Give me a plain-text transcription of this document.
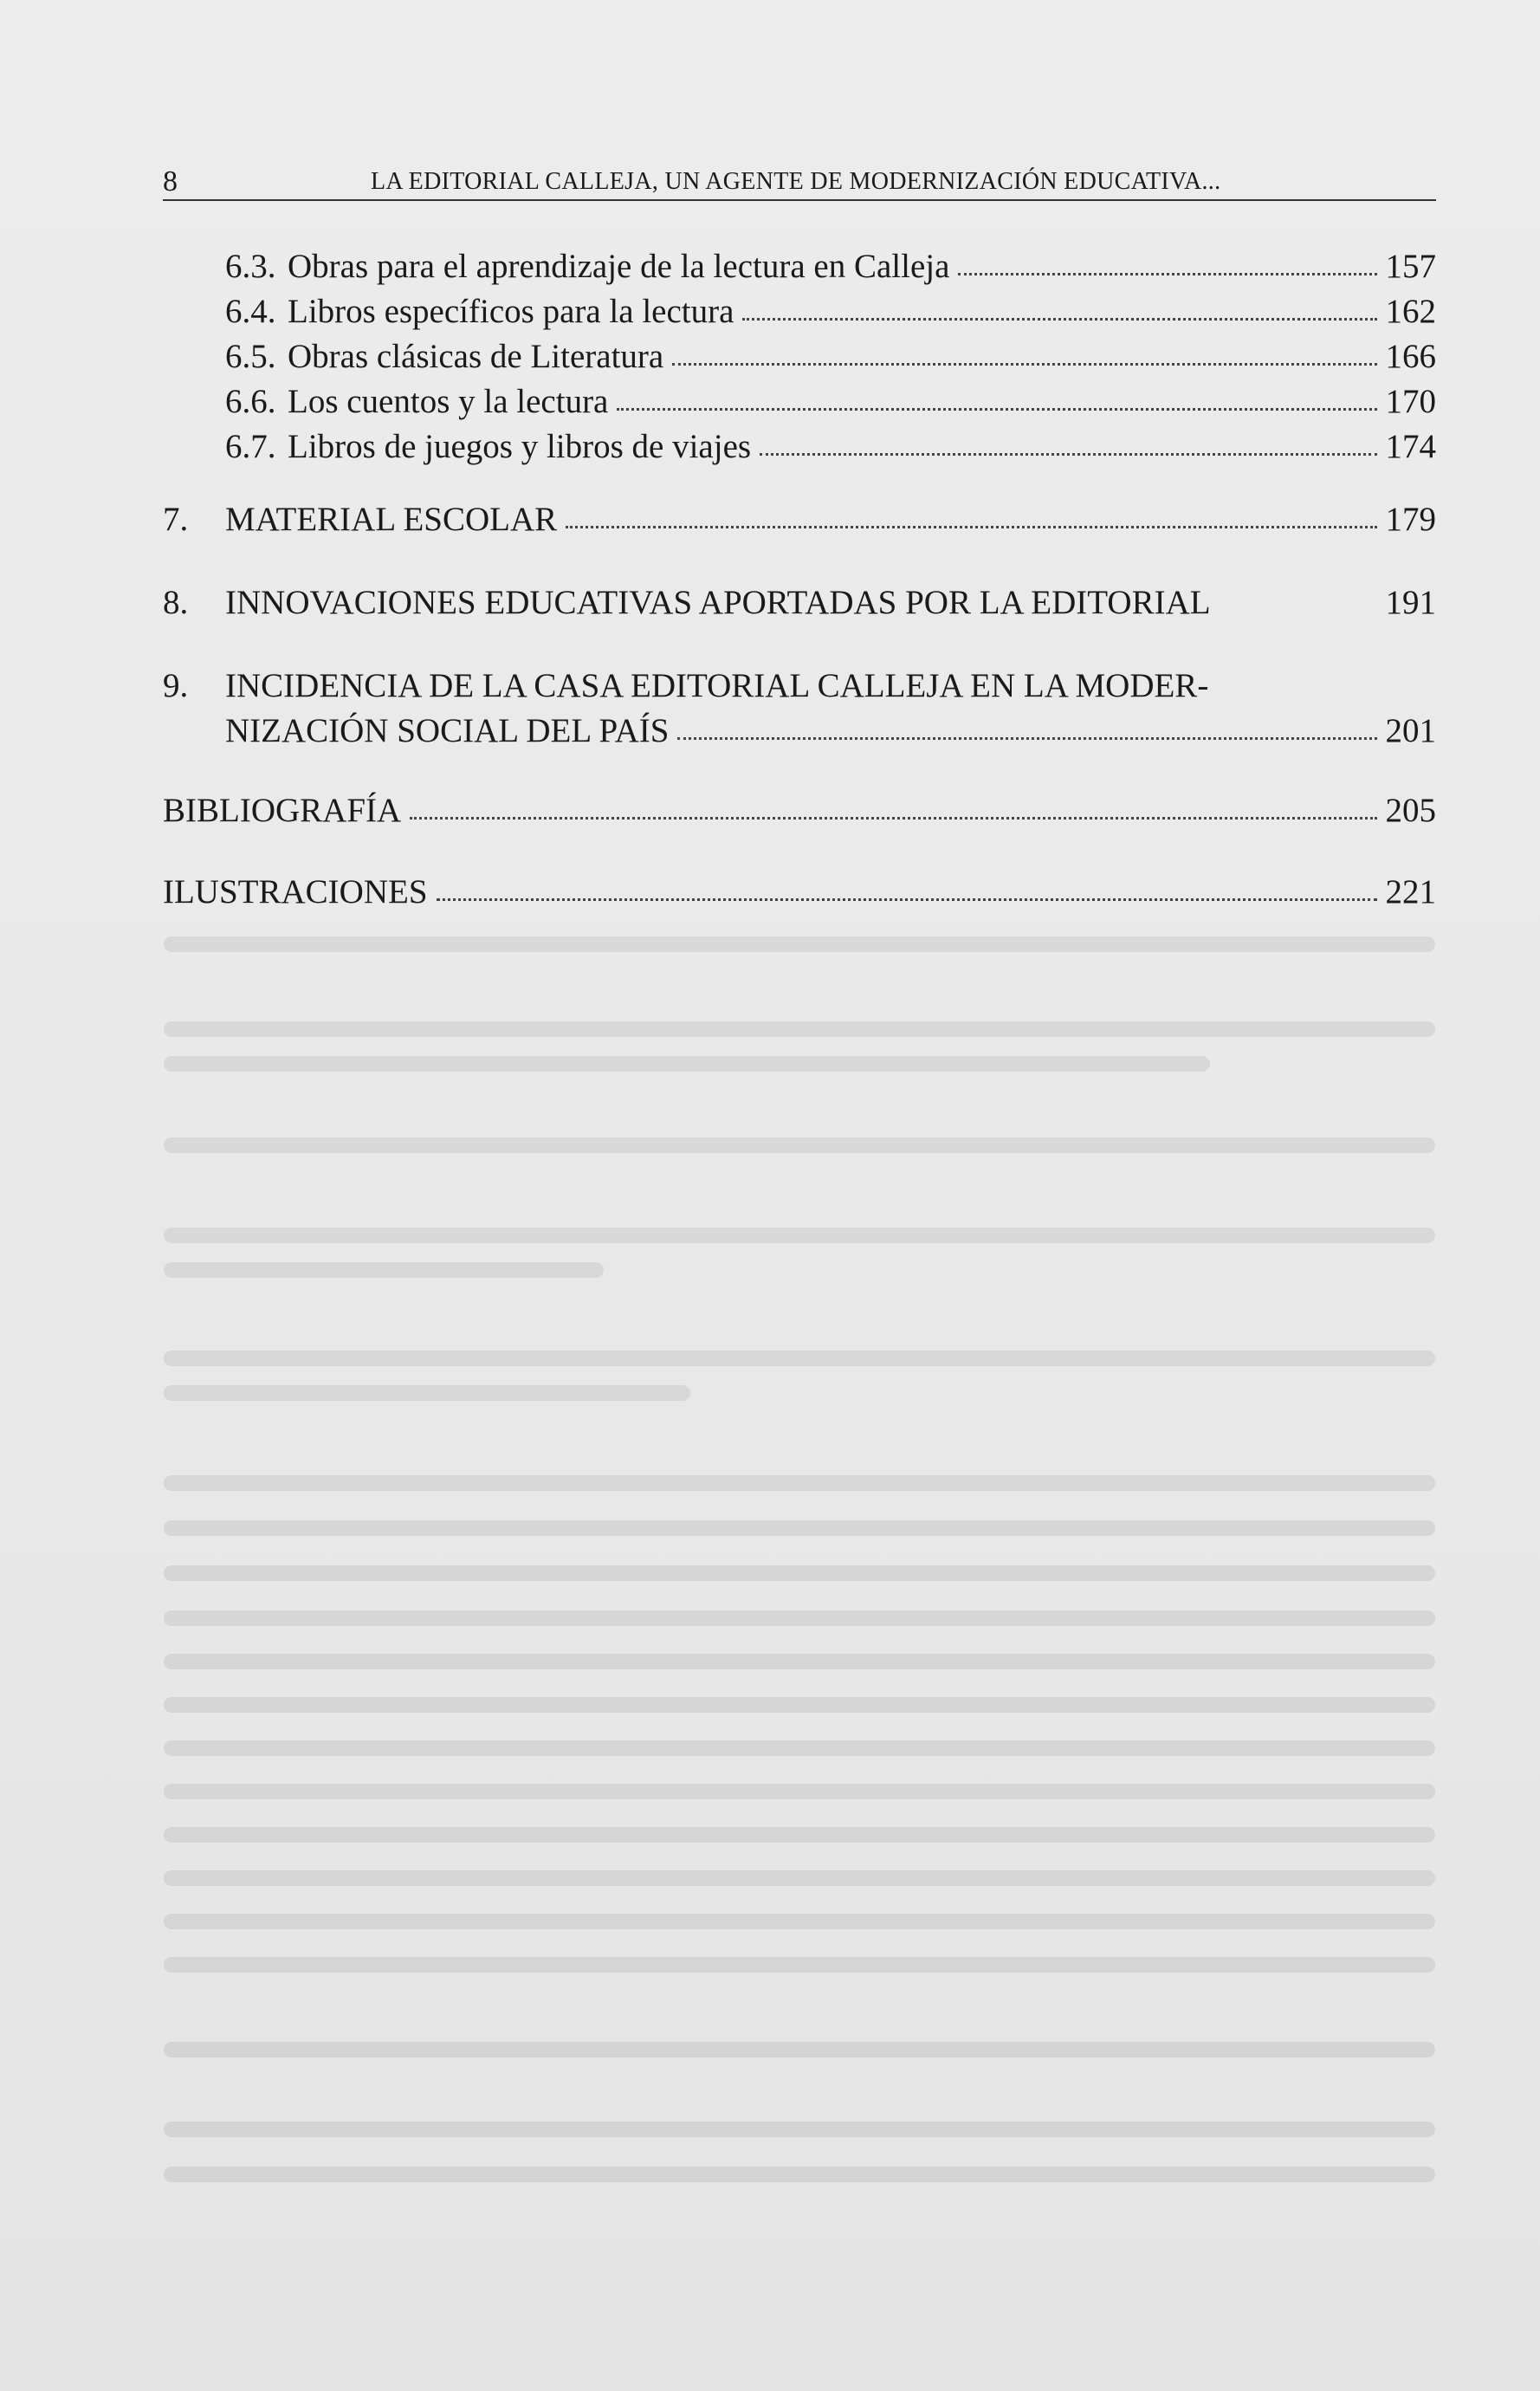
8	LA EDITORIAL CALLEJA, UN AGENTE DE MODERNIZACIÓN EDUCATIVA...
6.3. Obras para el aprendizaje de la lectura en Calleja	157
6.4. Libros específicos para la lectura	162
6.5. Obras clásicas de Literatura	166
6.6. Los cuentos y la lectura	170
6.7. Libros de juegos y libros de viajes	174
7. MATERIAL ESCOLAR	179
8. INNOVACIONES EDUCATIVAS APORTADAS POR LA EDITORIAL	191
9. INCIDENCIA DE LA CASA EDITORIAL CALLEJA EN LA MODER-
NIZACIÓN SOCIAL DEL PAÍS	201
BIBLIOGRAFÍA	205
ILUSTRACIONES	221
